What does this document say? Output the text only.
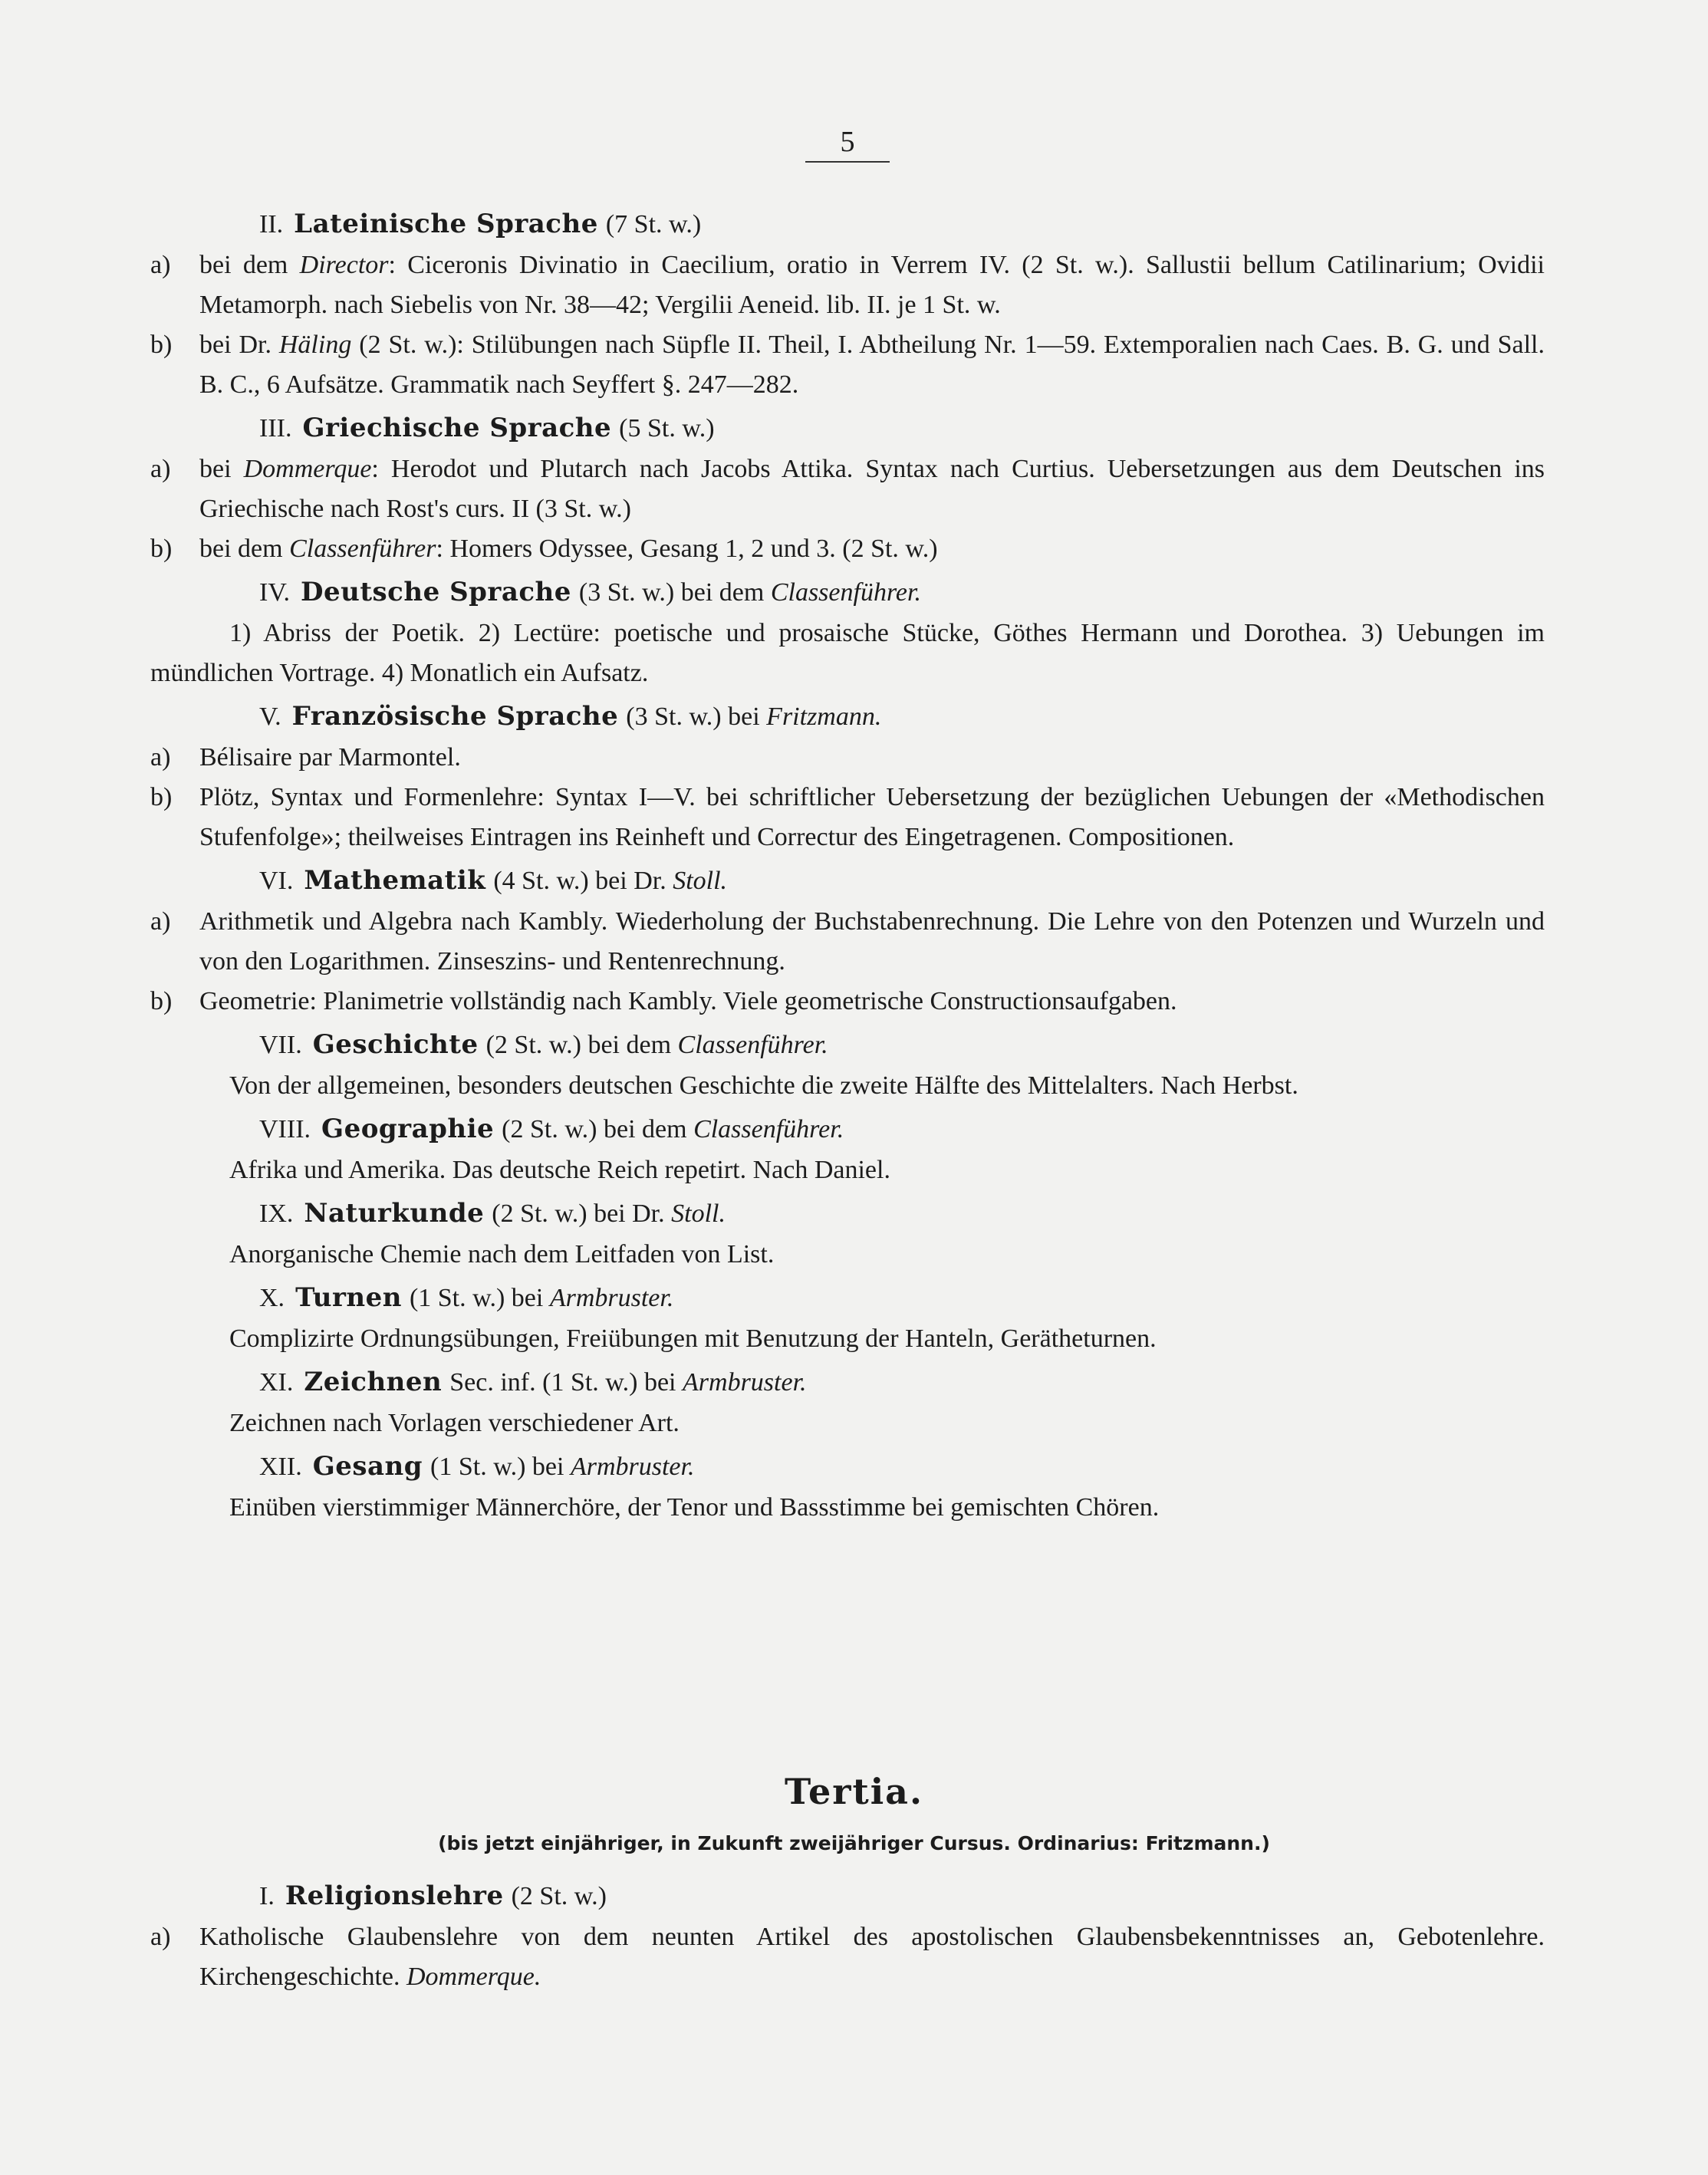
5
II. Lateinische Sprache (7 St. w.)
a) bei dem Director: Ciceronis Divinatio in Caecilium, oratio in Verrem IV. (2 St. w.). Sallustii bellum Catilinarium; Ovidii Metamorph. nach Siebelis von Nr. 38—42; Vergilii Aeneid. lib. II. je 1 St. w.
b) bei Dr. Häling (2 St. w.): Stilübungen nach Süpfle II. Theil, I. Abtheilung Nr. 1—59. Extemporalien nach Caes. B. G. und Sall. B. C., 6 Aufsätze. Grammatik nach Seyffert §. 247—282.
III. Griechische Sprache (5 St. w.)
a) bei Dommerque: Herodot und Plutarch nach Jacobs Attika. Syntax nach Curtius. Uebersetzungen aus dem Deutschen ins Griechische nach Rost's curs. II (3 St. w.)
b) bei dem Classenführer: Homers Odyssee, Gesang 1, 2 und 3. (2 St. w.)
IV. Deutsche Sprache (3 St. w.) bei dem Classenführer.
1) Abriss der Poetik. 2) Lectüre: poetische und prosaische Stücke, Göthes Hermann und Dorothea. 3) Uebungen im mündlichen Vortrage. 4) Monatlich ein Aufsatz.
V. Französische Sprache (3 St. w.) bei Fritzmann.
a) Bélisaire par Marmontel.
b) Plötz, Syntax und Formenlehre: Syntax I—V. bei schriftlicher Uebersetzung der bezüglichen Uebungen der «Methodischen Stufenfolge»; theilweises Eintragen ins Reinheft und Correctur des Eingetragenen. Compositionen.
VI. Mathematik (4 St. w.) bei Dr. Stoll.
a) Arithmetik und Algebra nach Kambly. Wiederholung der Buchstabenrechnung. Die Lehre von den Potenzen und Wurzeln und von den Logarithmen. Zinseszins- und Rentenrechnung.
b) Geometrie: Planimetrie vollständig nach Kambly. Viele geometrische Constructionsaufgaben.
VII. Geschichte (2 St. w.) bei dem Classenführer.
Von der allgemeinen, besonders deutschen Geschichte die zweite Hälfte des Mittelalters. Nach Herbst.
VIII. Geographie (2 St. w.) bei dem Classenführer.
Afrika und Amerika. Das deutsche Reich repetirt. Nach Daniel.
IX. Naturkunde (2 St. w.) bei Dr. Stoll.
Anorganische Chemie nach dem Leitfaden von List.
X. Turnen (1 St. w.) bei Armbruster.
Complizirte Ordnungsübungen, Freiübungen mit Benutzung der Hanteln, Gerätheturnen.
XI. Zeichnen Sec. inf. (1 St. w.) bei Armbruster.
Zeichnen nach Vorlagen verschiedener Art.
XII. Gesang (1 St. w.) bei Armbruster.
Einüben vierstimmiger Männerchöre, der Tenor und Bassstimme bei gemischten Chören.
Tertia.
(bis jetzt einjähriger, in Zukunft zweijähriger Cursus. Ordinarius: Fritzmann.)
I. Religionslehre (2 St. w.)
a) Katholische Glaubenslehre von dem neunten Artikel des apostolischen Glaubensbekenntnisses an, Gebotenlehre. Kirchengeschichte. Dommerque.
